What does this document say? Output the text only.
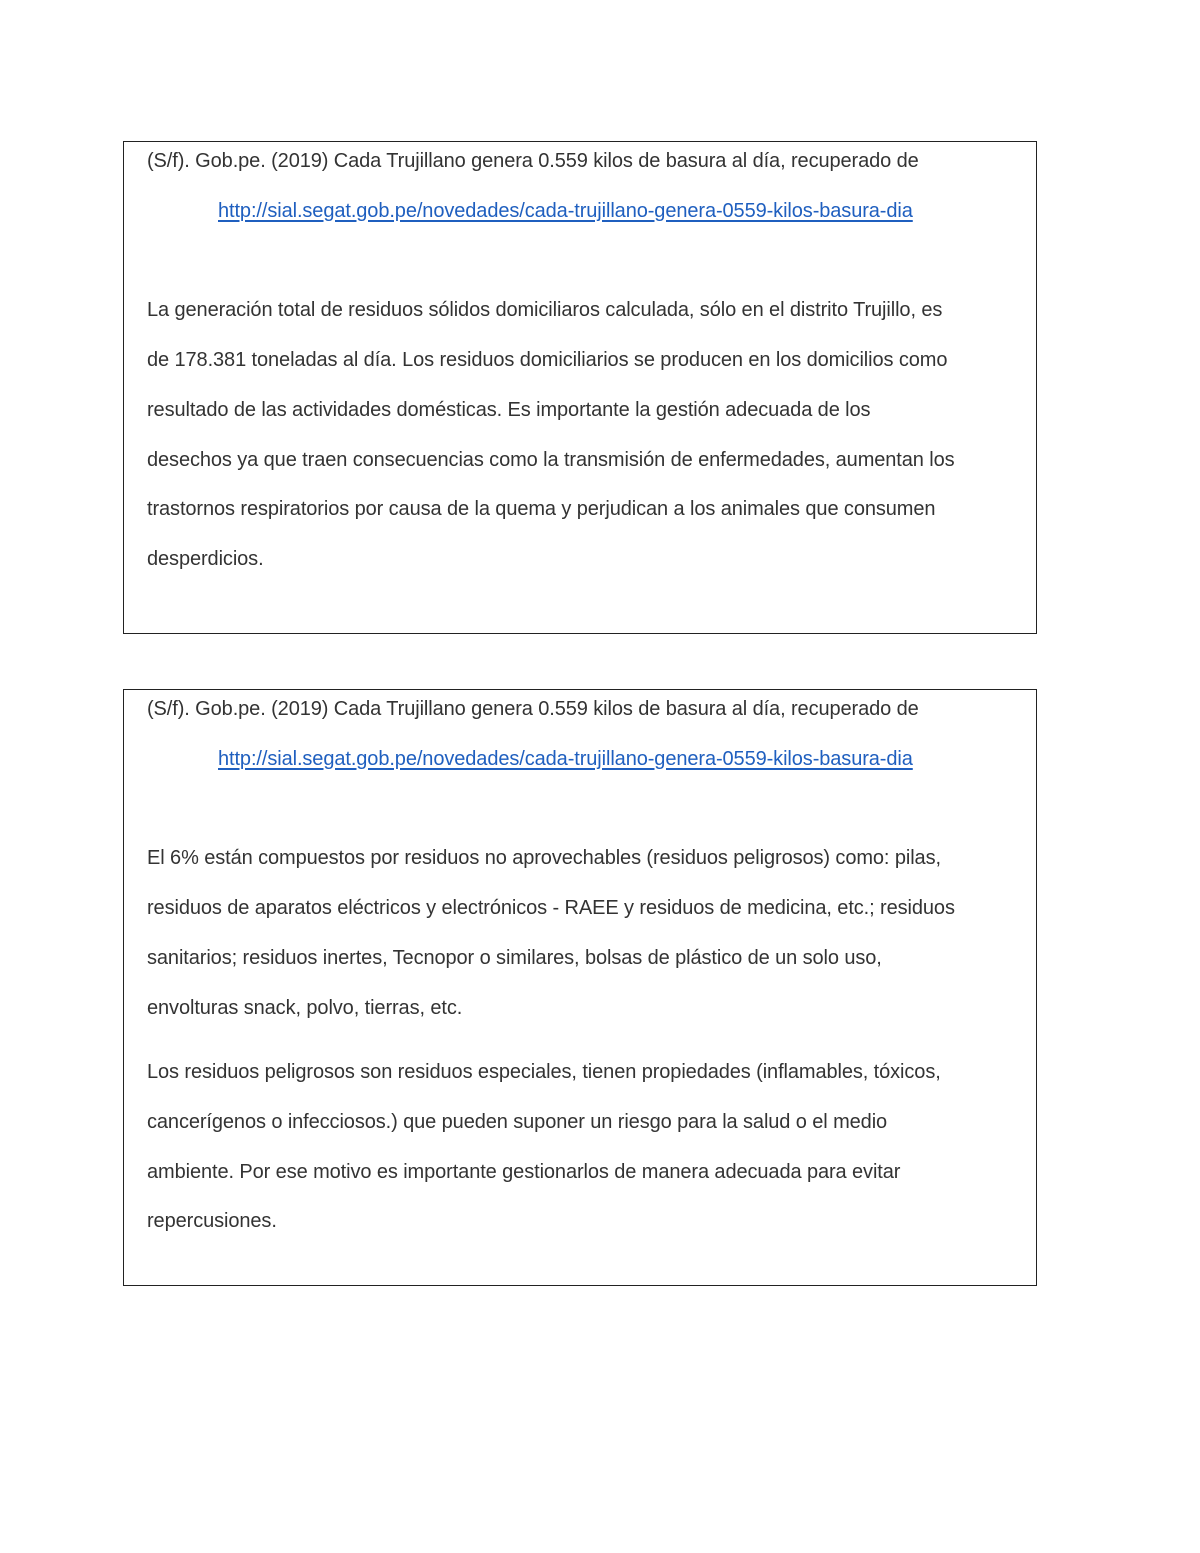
(S/f). Gob.pe. (2019) Cada Trujillano genera 0.559 kilos de basura al día, recuperado de
http://sial.segat.gob.pe/novedades/cada-trujillano-genera-0559-kilos-basura-dia
La generación total de residuos sólidos domiciliaros calculada, sólo en el distrito Trujillo, es
de 178.381 toneladas al día. Los residuos domiciliarios se producen en los domicilios como
resultado de las actividades domésticas. Es importante la gestión adecuada de los
desechos ya que traen consecuencias como la transmisión de enfermedades, aumentan los
trastornos respiratorios por causa de la quema y perjudican a los animales que consumen
desperdicios.
(S/f). Gob.pe. (2019) Cada Trujillano genera 0.559 kilos de basura al día, recuperado de
http://sial.segat.gob.pe/novedades/cada-trujillano-genera-0559-kilos-basura-dia
El 6% están compuestos por residuos no aprovechables (residuos peligrosos) como: pilas,
residuos de aparatos eléctricos y electrónicos - RAEE y residuos de medicina, etc.; residuos
sanitarios; residuos inertes, Tecnopor o similares, bolsas de plástico de un solo uso,
envolturas snack, polvo, tierras, etc.
Los residuos peligrosos son residuos especiales, tienen propiedades (inflamables, tóxicos,
cancerígenos o infecciosos.) que pueden suponer un riesgo para la salud o el medio
ambiente. Por ese motivo es importante gestionarlos de manera adecuada para evitar
repercusiones.
